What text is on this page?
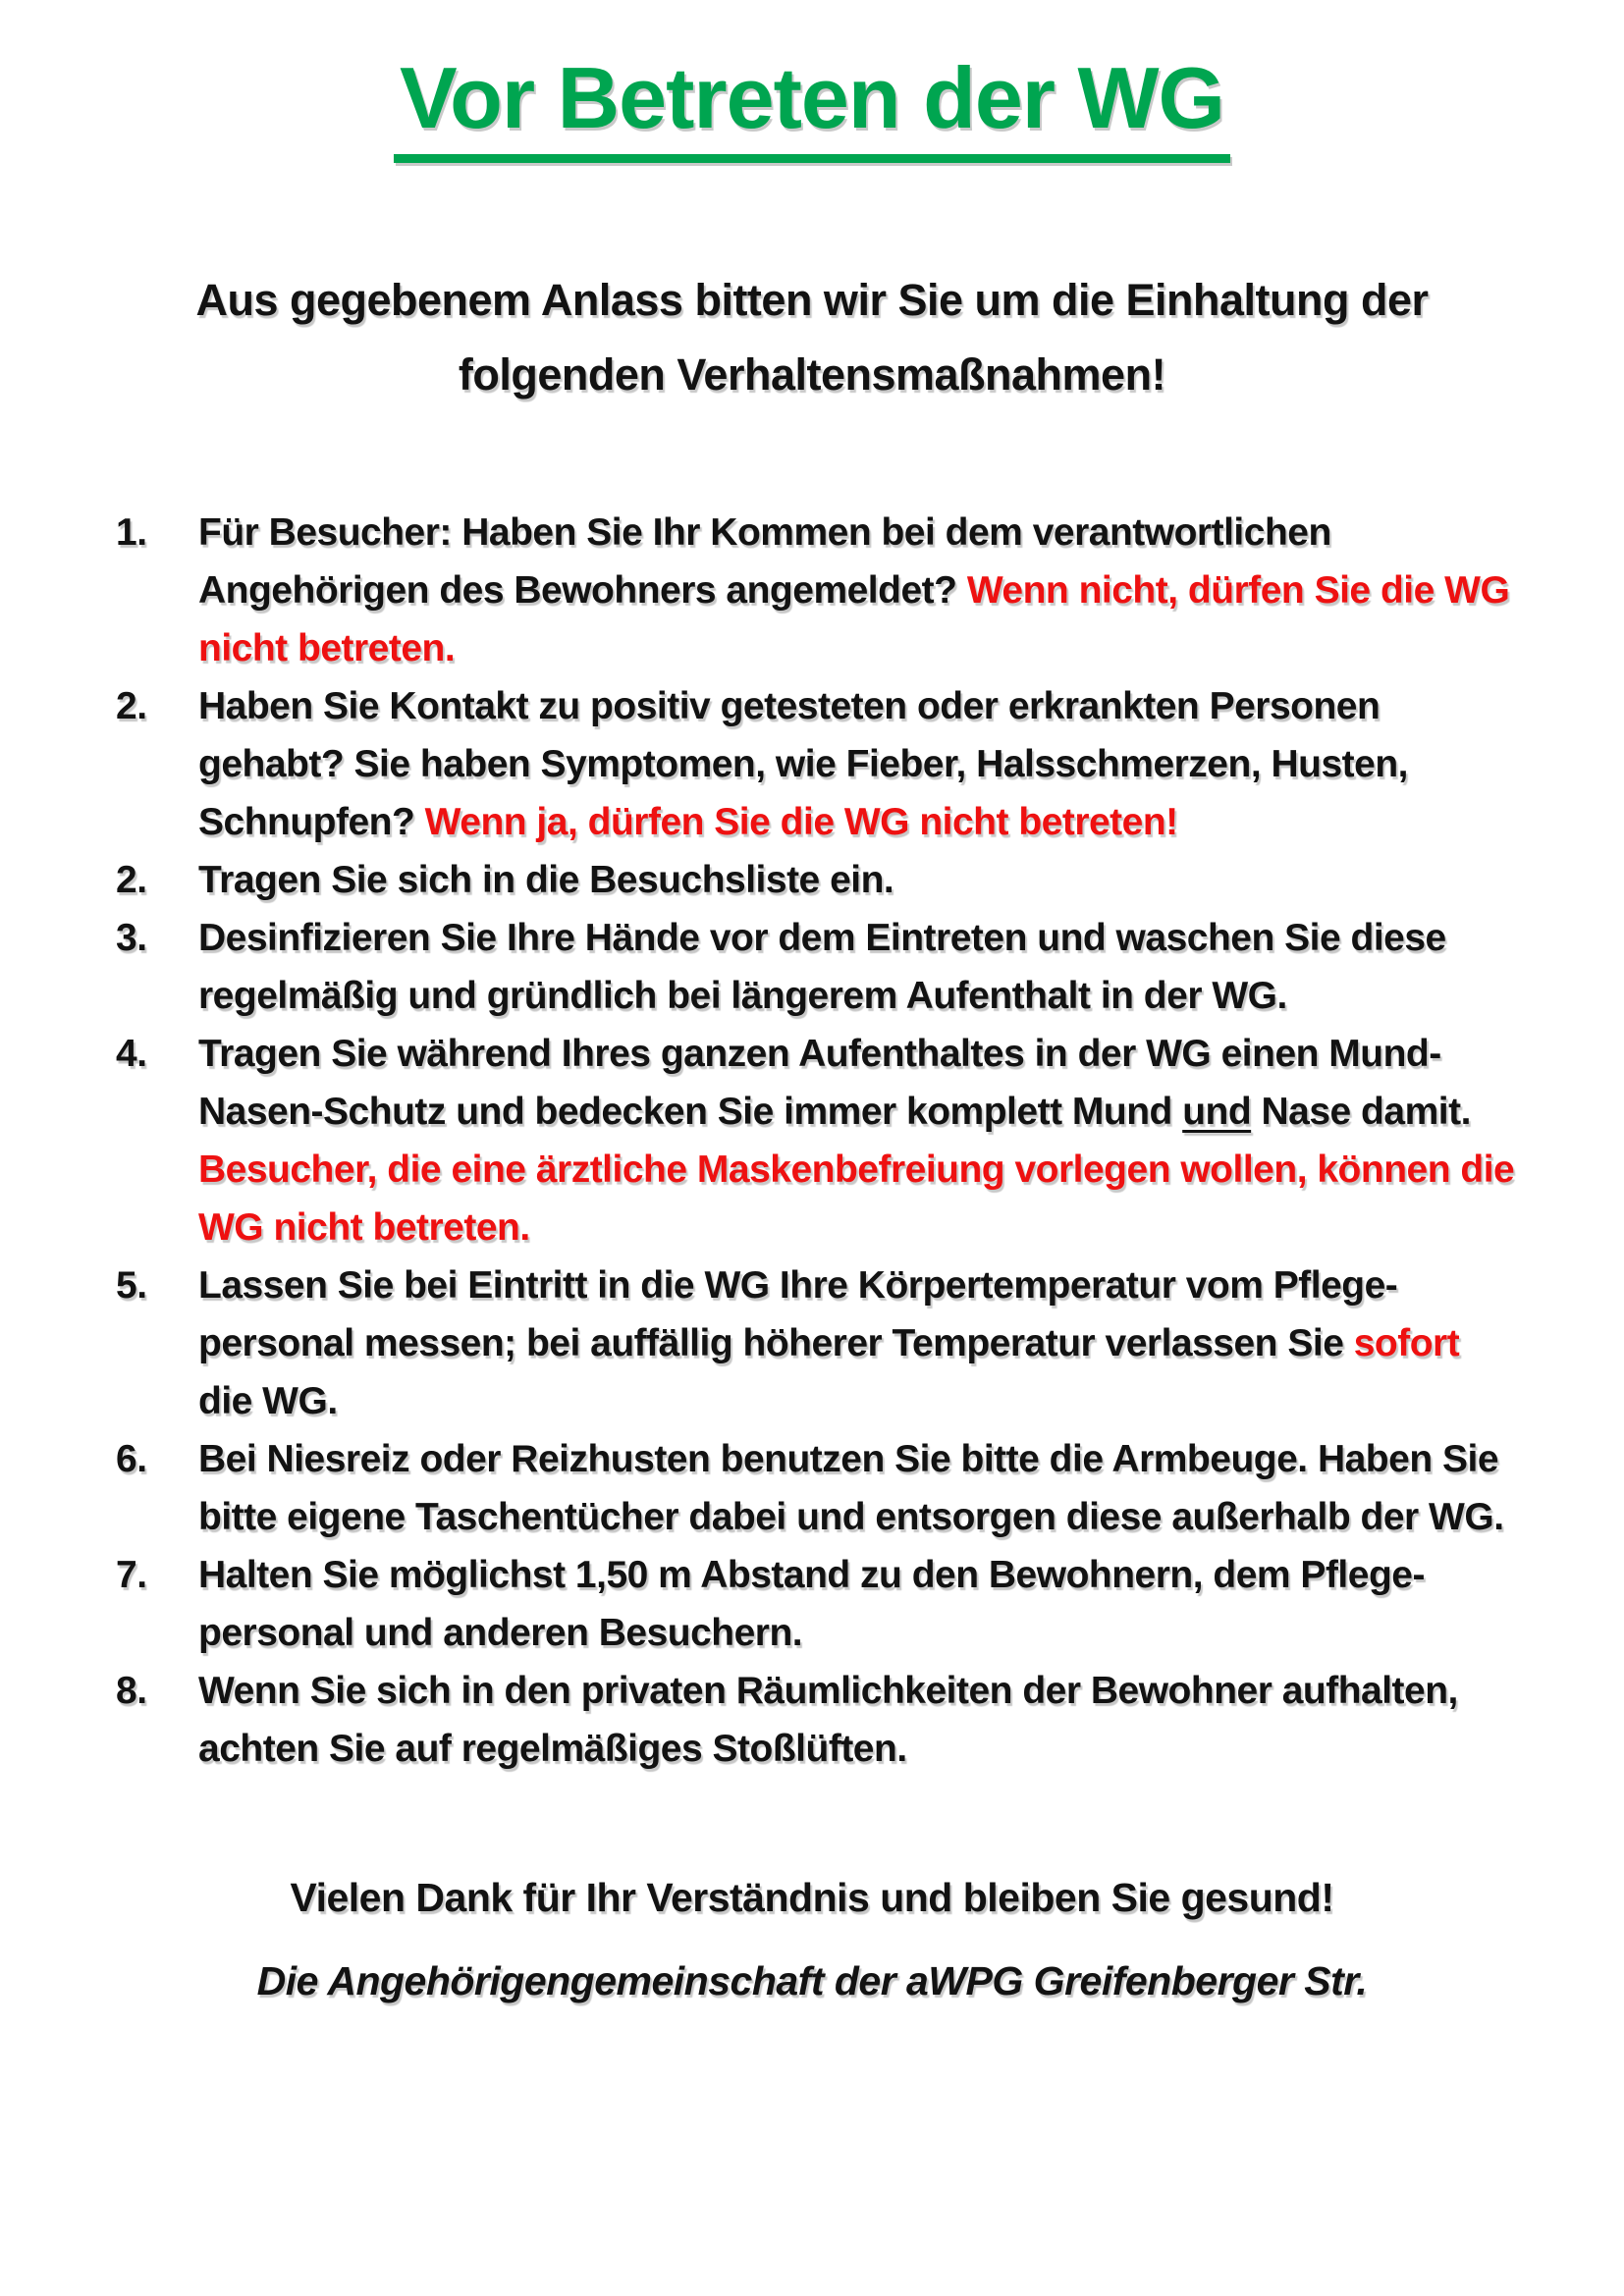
Vor Betreten der WG
Aus gegebenem Anlass bitten wir Sie um die Einhaltung der folgenden Verhaltensmaßnahmen!
1.	Für Besucher: Haben Sie Ihr Kommen bei dem verantwortlichen Angehörigen des Bewohners angemeldet? Wenn nicht, dürfen Sie die WG nicht betreten.
2.	Haben Sie Kontakt zu positiv getesteten oder erkrankten Personen gehabt? Sie haben Symptomen, wie Fieber, Halsschmerzen, Husten, Schnupfen? Wenn ja, dürfen Sie die WG nicht betreten!
2.	Tragen Sie sich in die Besuchsliste ein.
3.	Desinfizieren Sie Ihre Hände vor dem Eintreten und waschen Sie diese regelmäßig und gründlich bei längerem Aufenthalt in der WG.
4.	Tragen Sie während Ihres ganzen Aufenthaltes in der WG einen Mund-Nasen-Schutz und bedecken Sie immer komplett Mund und Nase damit. Besucher, die eine ärztliche Maskenbefreiung vorlegen wollen, können die WG nicht betreten.
5.	Lassen Sie bei Eintritt in die WG Ihre Körpertemperatur vom Pflege-personal messen; bei auffällig höherer Temperatur verlassen Sie sofort die WG.
6.	Bei Niesreiz oder Reizhusten benutzen Sie bitte die Armbeuge. Haben Sie bitte eigene Taschentücher dabei und entsorgen diese außerhalb der WG.
7.	Halten Sie möglichst 1,50 m Abstand zu den Bewohnern, dem Pflege-personal und anderen Besuchern.
8.	Wenn Sie sich in den privaten Räumlichkeiten der Bewohner aufhalten, achten Sie auf regelmäßiges Stoßlüften.
Vielen Dank für Ihr Verständnis und bleiben Sie gesund!
Die Angehörigengemeinschaft der aWPG Greifenberger Str.
